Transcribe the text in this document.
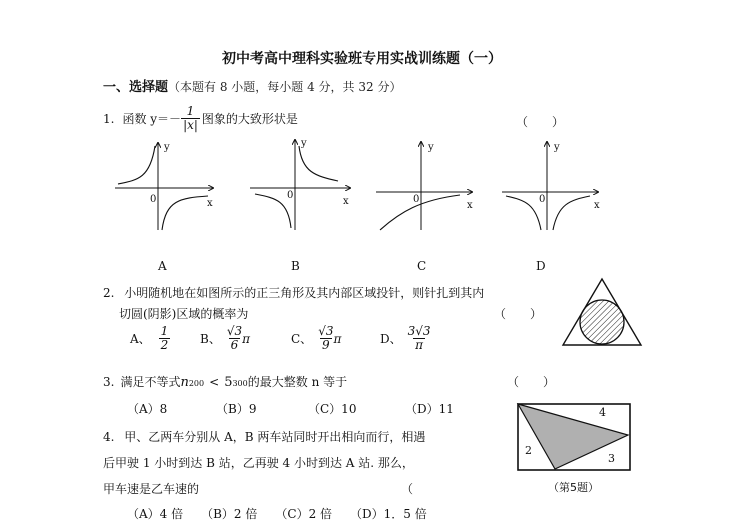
初中考高中理科实验班专用实战训练题（一）
一、选择题（本题有 8 小题，每小题 4 分，共 32 分）
1. 函数 $y=- \frac{1}{|x|}$ 图象的大致形状是	（　　）
y
x
0
y
x
0
y
x
0
y
x
0
A	B	C	D
2. 小明随机地在如图所示的正三角形及其内部区域投针，则针扎到其内
切圆(阴影)区域的概率为	（　　）
A、 $\frac{1}{2}$ B、 $\frac{√3}{6}$ π	C、 $\frac{√3}{9}$ π	D、 $\frac{3√3}{\pi}$
3. 满足不等式 n 200 < 5 300 的最大整数 n 等于	（　　）
（A）8	（B）9	（C）10	（D）11
4. 甲、乙两车分别从 A，B 两车站同时开出相向而行，相遇
后甲驶 1 小时到达 B 站，乙再驶 4 小时到达 A 站. 那么，
甲车速是乙车速的	（
（A）4 倍　　（B）2 倍　　（C）2 倍　　（D）1．5 倍
4
2
3
（第5题）
